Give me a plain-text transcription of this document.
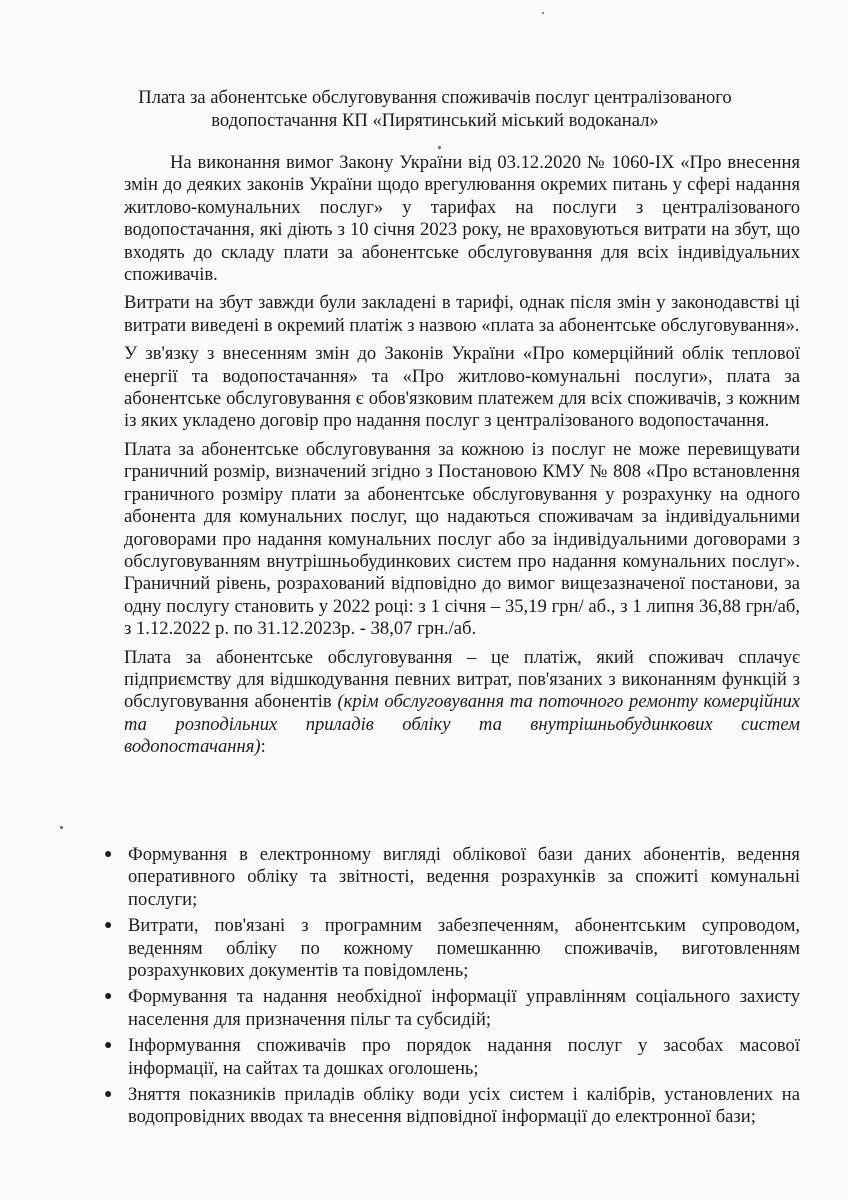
Плата за абонентське обслуговування споживачів послуг централізованого водопостачання КП «Пирятинський міський водоканал»

На виконання вимог Закону України від 03.12.2020 № 1060-IX «Про внесення змін до деяких законів України щодо врегулювання окремих питань у сфері надання житлово-комунальних послуг» у тарифах на послуги з централізованого водопостачання, які діють з 10 січня 2023 року, не враховуються витрати на збут, що входять до складу плати за абонентське обслуговування для всіх індивідуальних споживачів.

Витрати на збут завжди були закладені в тарифі, однак після змін у законодавстві ці витрати виведені в окремий платіж з назвою «плата за абонентське обслуговування».

У зв'язку з внесенням змін до Законів України «Про комерційний облік теплової енергії та водопостачання» та «Про житлово-комунальні послуги», плата за абонентське обслуговування є обов'язковим платежем для всіх споживачів, з кожним із яких укладено договір про надання послуг з централізованого водопостачання.

Плата за абонентське обслуговування за кожною із послуг не може перевищувати граничний розмір, визначений згідно з Постановою КМУ № 808 «Про встановлення граничного розміру плати за абонентське обслуговування у розрахунку на одного абонента для комунальних послуг, що надаються споживачам за індивідуальними договорами про надання комунальних послуг або за індивідуальними договорами з обслуговуванням внутрішньобудинкових систем про надання комунальних послуг». Граничний рівень, розрахований відповідно до вимог вищезазначеної постанови, за одну послугу становить у 2022 році: з 1 січня – 35,19 грн/ аб., з 1 липня 36,88 грн/аб, з 1.12.2022 р. по 31.12.2023р. - 38,07 грн./аб.

Плата за абонентське обслуговування – це платіж, який споживач сплачує підприємству для відшкодування певних витрат, пов'язаних з виконанням функцій з обслуговування абонентів (крім обслуговування та поточного ремонту комерційних та розподільних приладів обліку та внутрішньобудинкових систем водопостачання):

● Формування в електронному вигляді облікової бази даних абонентів, ведення оперативного обліку та звітності, ведення розрахунків за спожиті комунальні послуги;
● Витрати, пов'язані з програмним забезпеченням, абонентським супроводом, веденням обліку по кожному помешканню споживачів, виготовленням розрахункових документів та повідомлень;
● Формування та надання необхідної інформації управлінням соціального захисту населення для призначення пільг та субсидій;
● Інформування споживачів про порядок надання послуг у засобах масової інформації, на сайтах та дошках оголошень;
● Зняття показників приладів обліку води усіх систем і калібрів, установлених на водопровідних вводах та внесення відповідної інформації до електронної бази;
